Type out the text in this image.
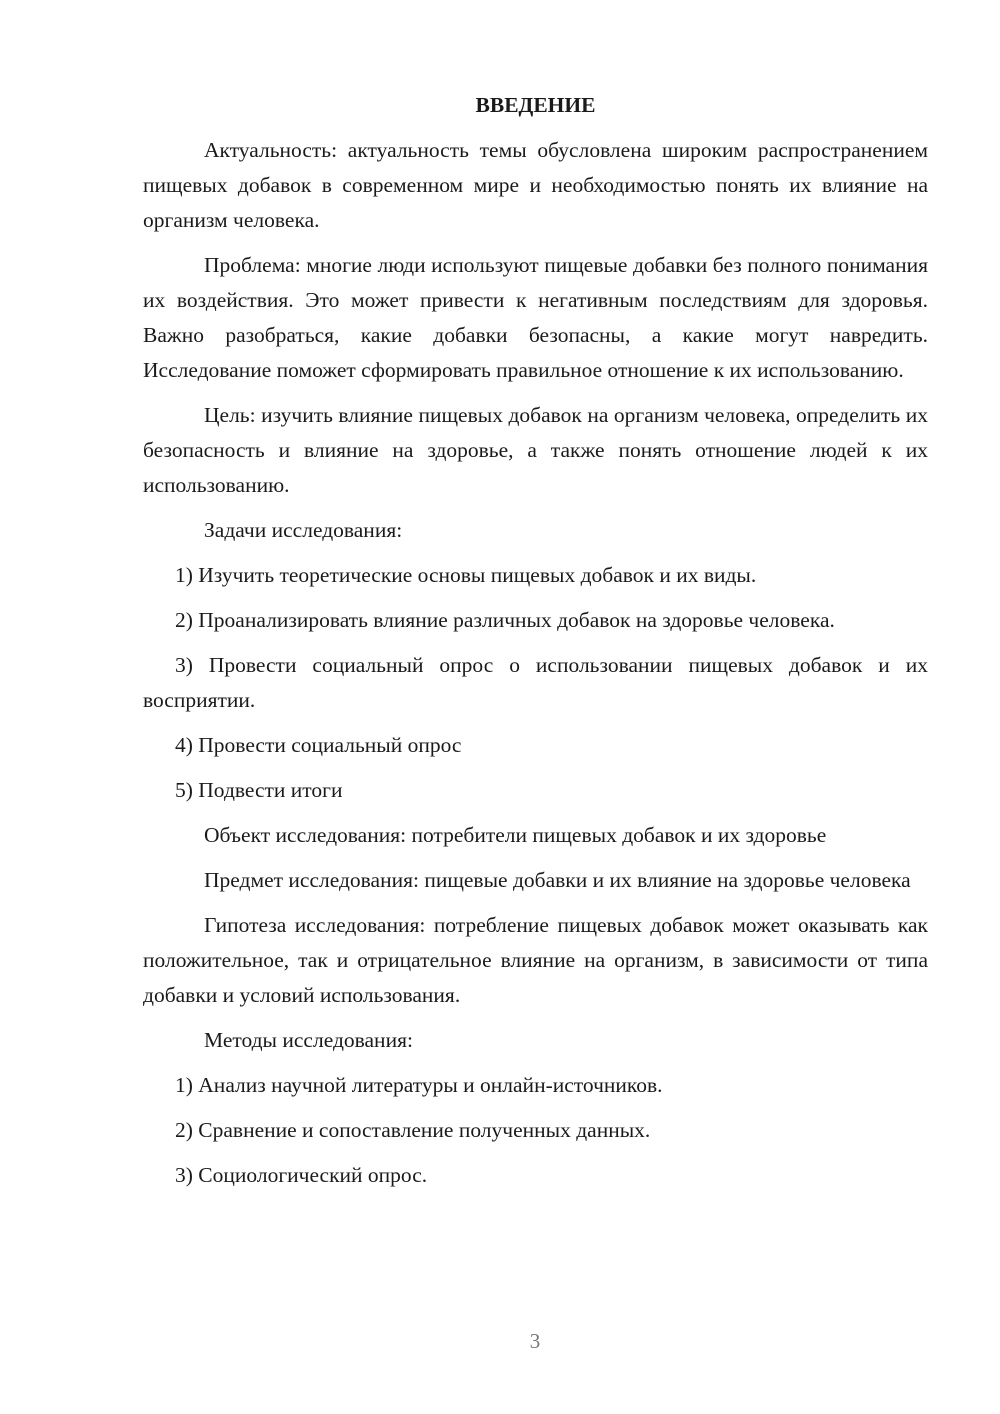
ВВЕДЕНИЕ

Актуальность: актуальность темы обусловлена широким распространением пищевых добавок в современном мире и необходимостью понять их влияние на организм человека.

Проблема: многие люди используют пищевые добавки без полного понимания их воздействия. Это может привести к негативным последствиям для здоровья. Важно разобраться, какие добавки безопасны, а какие могут навредить. Исследование поможет сформировать правильное отношение к их использованию.

Цель: изучить влияние пищевых добавок на организм человека, определить их безопасность и влияние на здоровье, а также понять отношение людей к их использованию.

Задачи исследования:

1) Изучить теоретические основы пищевых добавок и их виды.

2) Проанализировать влияние различных добавок на здоровье человека.

3) Провести социальный опрос о использовании пищевых добавок и их восприятии.

4) Провести социальный опрос

5) Подвести итоги

Объект исследования: потребители пищевых добавок и их здоровье

Предмет исследования: пищевые добавки и их влияние на здоровье человека

Гипотеза исследования: потребление пищевых добавок может оказывать как положительное, так и отрицательное влияние на организм, в зависимости от типа добавки и условий использования.

Методы исследования:

1) Анализ научной литературы и онлайн-источников.

2) Сравнение и сопоставление полученных данных.

3) Социологический опрос.

3
